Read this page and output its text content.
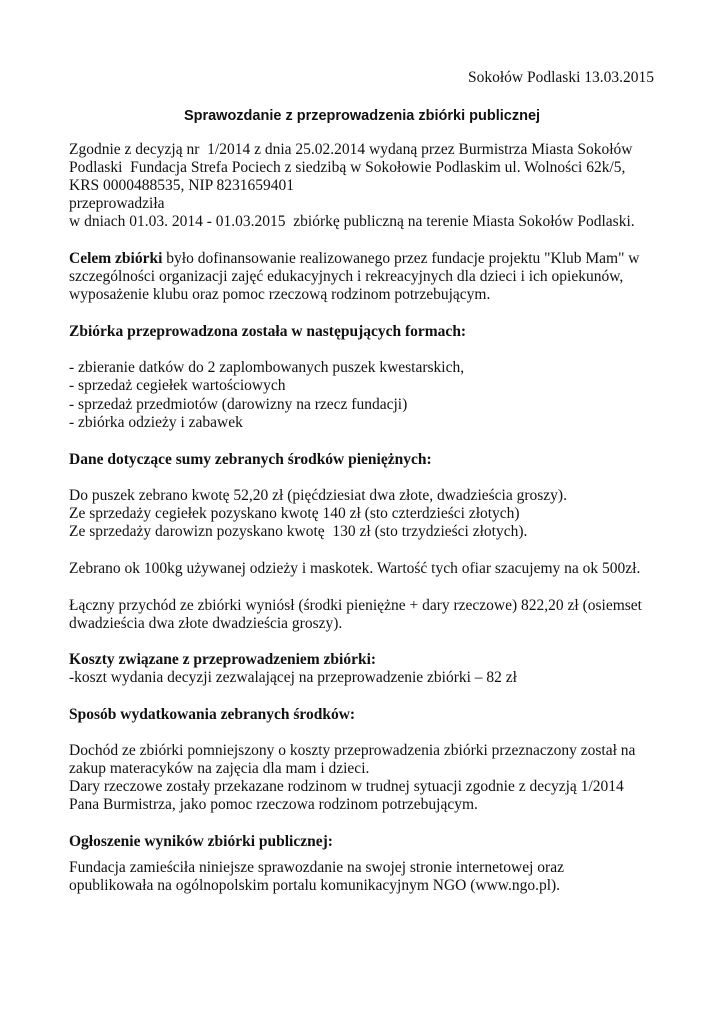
Sokołów Podlaski 13.03.2015
Sprawozdanie z przeprowadzenia zbiórki publicznej
Zgodnie z decyzją nr  1/2014 z dnia 25.02.2014 wydaną przez Burmistrza Miasta Sokołów
Podlaski  Fundacja Strefa Pociech z siedzibą w Sokołowie Podlaskim ul. Wolności 62k/5,
KRS 0000488535, NIP 8231659401
przeprowadziła
w dniach 01.03. 2014 - 01.03.2015  zbiórkę publiczną na terenie Miasta Sokołów Podlaski.
Celem zbiórki było dofinansowanie realizowanego przez fundacje projektu "Klub Mam" w
szczególności organizacji zajęć edukacyjnych i rekreacyjnych dla dzieci i ich opiekunów,
wyposażenie klubu oraz pomoc rzeczową rodzinom potrzebującym.
Zbiórka przeprowadzona została w następujących formach:
- zbieranie datków do 2 zaplombowanych puszek kwestarskich,
- sprzedaż cegiełek wartościowych
- sprzedaż przedmiotów (darowizny na rzecz fundacji)
- zbiórka odzieży i zabawek
Dane dotyczące sumy zebranych środków pieniężnych:
Do puszek zebrano kwotę 52,20 zł (pięćdziesiat dwa złote, dwadzieścia groszy).
Ze sprzedaży cegiełek pozyskano kwotę 140 zł (sto czterdzieści złotych)
Ze sprzedaży darowizn pozyskano kwotę  130 zł (sto trzydzieści złotych).
Zebrano ok 100kg używanej odzieży i maskotek. Wartość tych ofiar szacujemy na ok 500zł.
Łączny przychód ze zbiórki wyniósł (środki pieniężne + dary rzeczowe) 822,20 zł (osiemset
dwadzieścia dwa złote dwadzieścia groszy).
Koszty związane z przeprowadzeniem zbiórki:
-koszt wydania decyzji zezwalającej na przeprowadzenie zbiórki – 82 zł
Sposób wydatkowania zebranych środków:
Dochód ze zbiórki pomniejszony o koszty przeprowadzenia zbiórki przeznaczony został na
zakup materacyków na zajęcia dla mam i dzieci.
Dary rzeczowe zostały przekazane rodzinom w trudnej sytuacji zgodnie z decyzją 1/2014
Pana Burmistrza, jako pomoc rzeczowa rodzinom potrzebującym.
Ogłoszenie wyników zbiórki publicznej:
Fundacja zamieściła niniejsze sprawozdanie na swojej stronie internetowej oraz
opublikowała na ogólnopolskim portalu komunikacyjnym NGO (www.ngo.pl).
